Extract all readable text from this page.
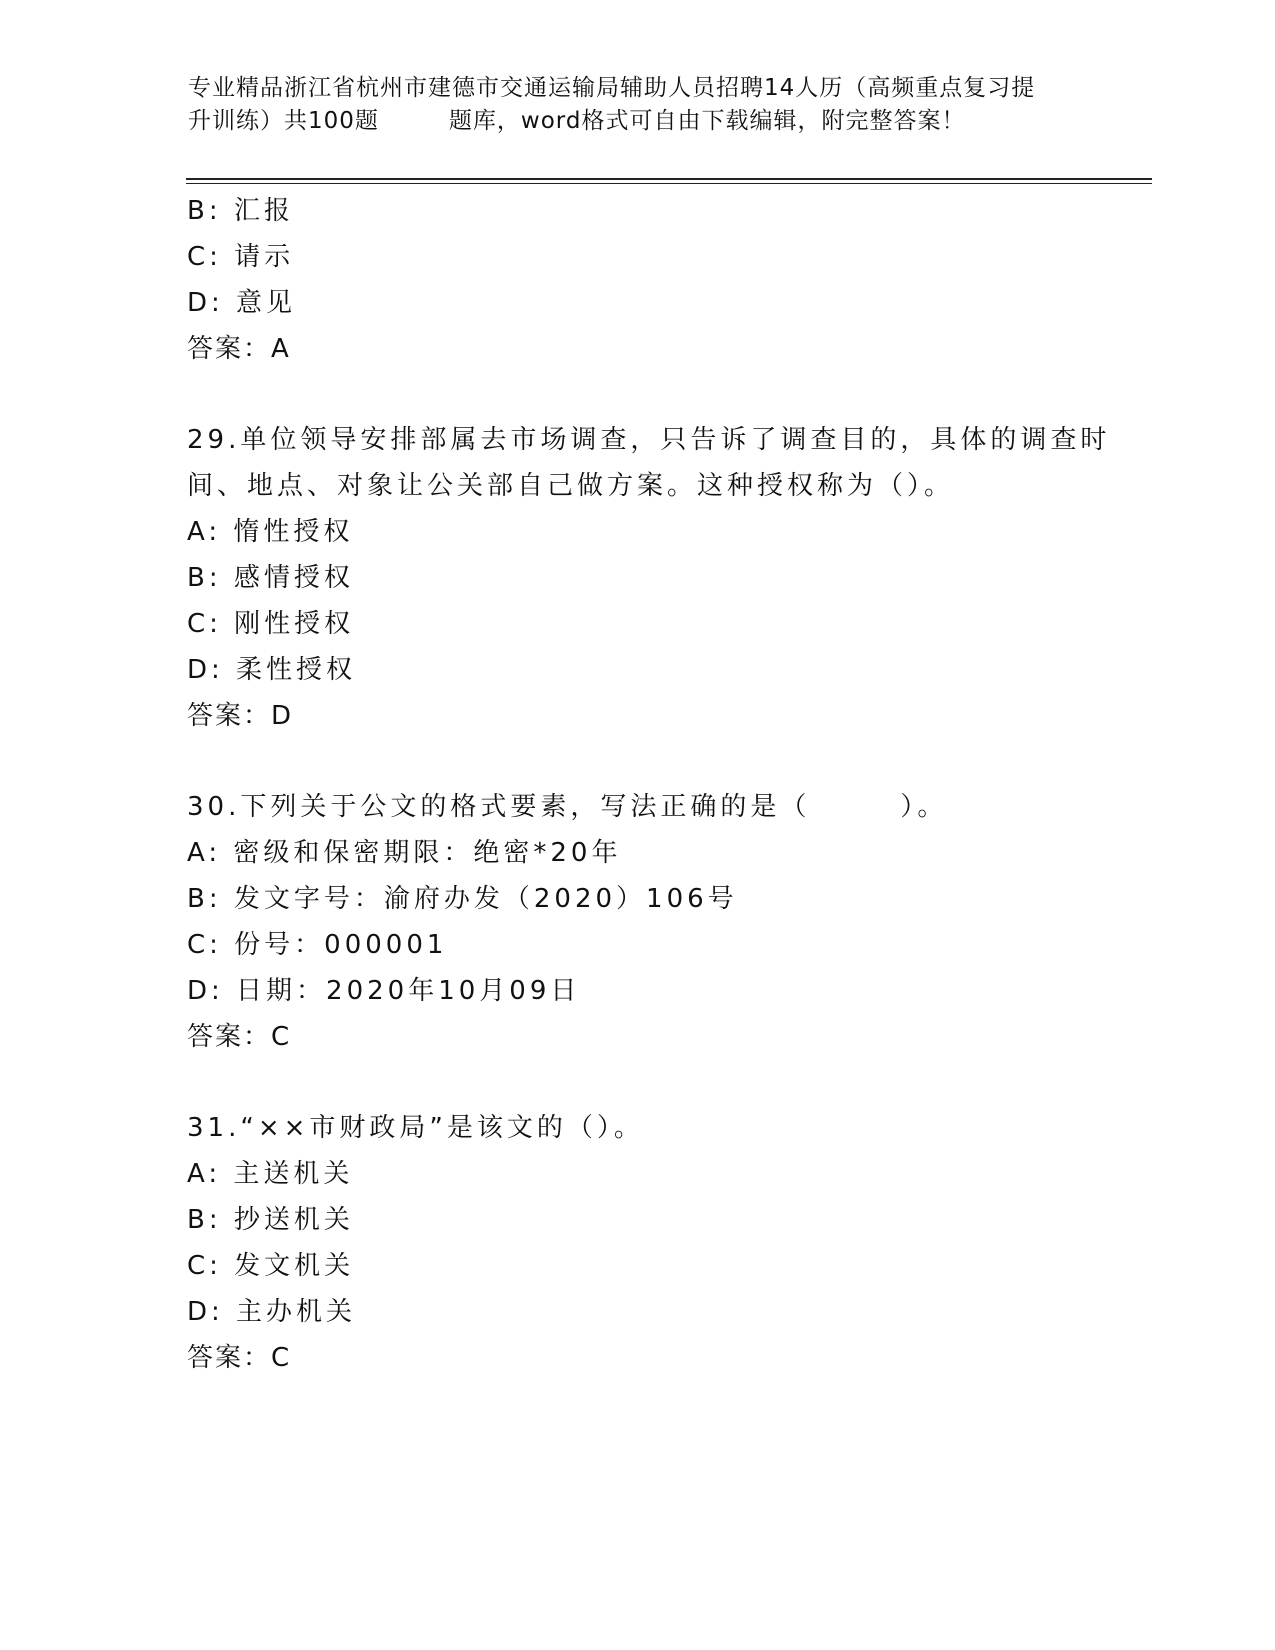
专业精品浙江省杭州市建德市交通运输局辅助人员招聘14人历（高频重点复习提
升训练）共100题	题库，word格式可自由下载编辑，附完整答案！
B: 汇报
C: 请示
D: 意见
答案：A
29.单位领导安排部属去市场调查，只告诉了调查目的，具体的调查时
间、地点、对象让公关部自己做方案。这种授权称为（）。
A: 惰性授权
B: 感情授权
C: 刚性授权
D: 柔性授权
答案：D
30.下列关于公文的格式要素，写法正确的是（	）。
A: 密级和保密期限：绝密*20年
B: 发文字号：渝府办发（2020）106号
C: 份号：000001
D: 日期：2020年10月09日
答案：C
31.“××市财政局”是该文的（）。
A: 主送机关
B: 抄送机关
C: 发文机关
D: 主办机关
答案：C
